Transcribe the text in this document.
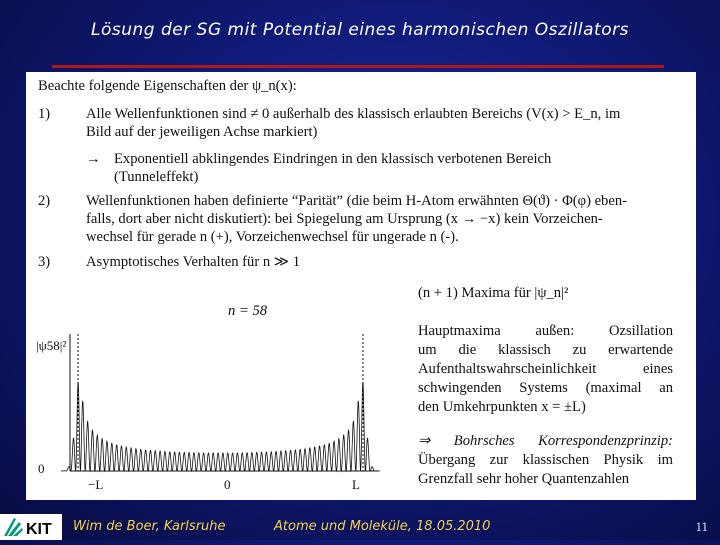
Lösung der SG mit Potential eines harmonischen Oszillators
Beachte folgende Eigenschaften der ψ_n(x):
1) Alle Wellenfunktionen sind ≠ 0 außerhalb des klassisch erlaubten Bereichs (V(x) > E_n, im
Bild auf der jeweiligen Achse markiert)
→ Exponentiell abklingendes Eindringen in den klassisch verbotenen Bereich
(Tunneleffekt)
2) Wellenfunktionen haben definierte “Parität” (die beim H-Atom erwähnten Θ(ϑ) · Φ(φ) eben-
falls, dort aber nicht diskutiert): bei Spiegelung am Ursprung (x → −x) kein Vorzeichen-
wechsel für gerade n (+), Vorzeichenwechsel für ungerade n (-).
3) Asymptotisches Verhalten für n ≫ 1
(n + 1) Maxima für |ψ_n|²
Hauptmaxima außen: Ozsillation
um die klassisch zu erwartende
Aufenthaltswahrscheinlichkeit eines
schwingenden Systems (maximal an
den Umkehrpunkten x = ±L)
⇒ Bohrsches Korrespondenzprinzip:
Übergang zur klassischen Physik im
Grenzfall sehr hoher Quantenzahlen
n = 58
|ψ58|²
0
−L	0	L
KIT Wim de Boer, Karlsruhe	Atome und Moleküle, 18.05.2010	11
